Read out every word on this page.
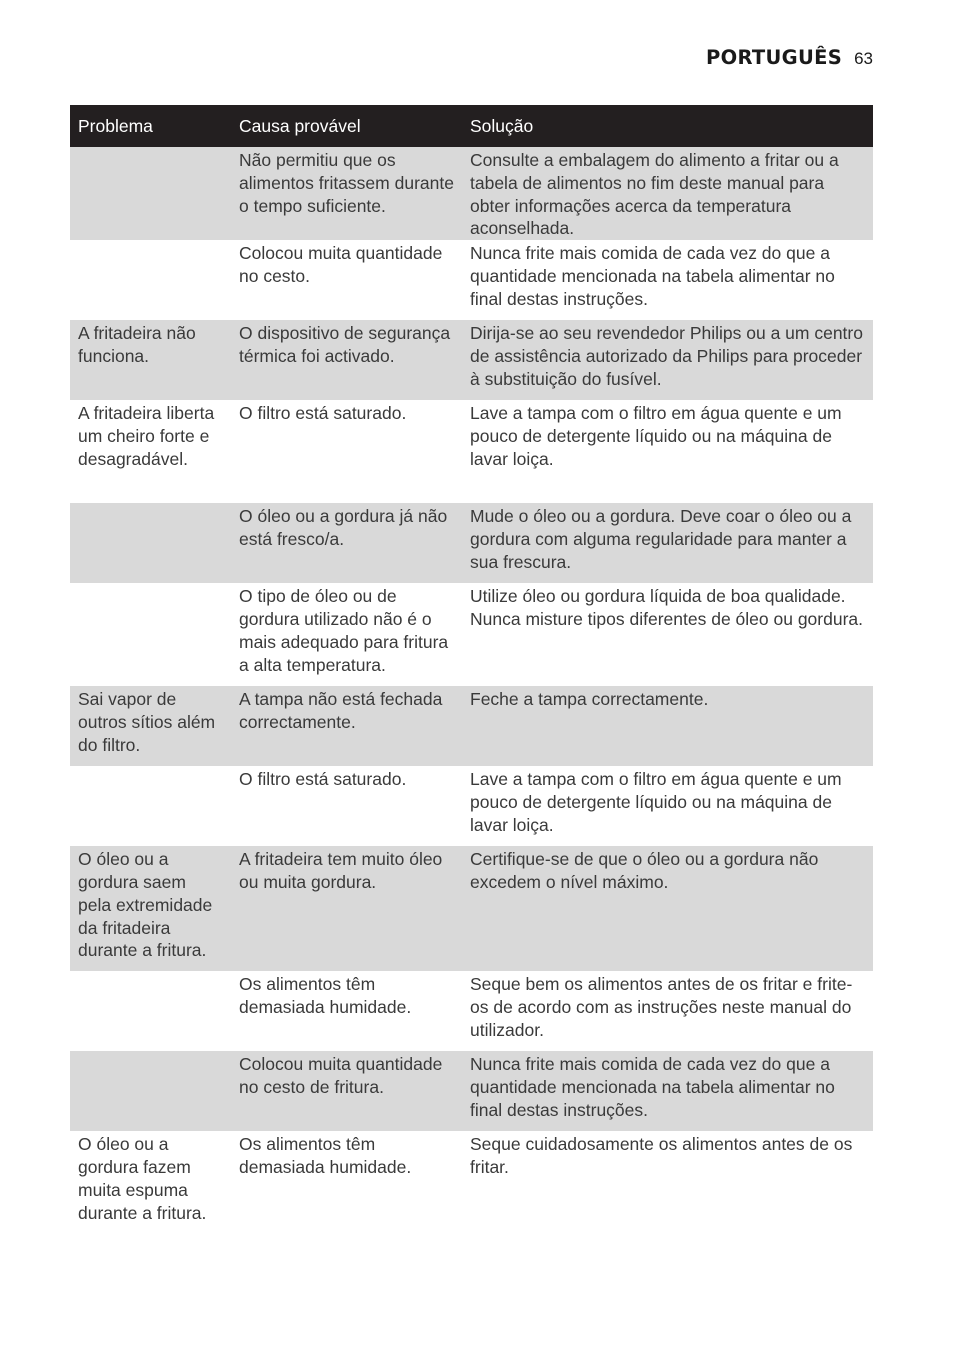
PORTUGUÊS 63
Problema	Causa provável	Solução
	Não permitiu que os alimentos fritassem durante o tempo suficiente.	Consulte a embalagem do alimento a fritar ou a tabela de alimentos no fim deste manual para obter informações acerca da temperatura aconselhada.
	Colocou muita quantidade no cesto.	Nunca frite mais comida de cada vez do que a quantidade mencionada na tabela alimentar no final destas instruções.
A fritadeira não funciona.	O dispositivo de segurança térmica foi activado.	Dirija-se ao seu revendedor Philips ou a um centro de assistência autorizado da Philips para proceder à substituição do fusível.
A fritadeira liberta um cheiro forte e desagradável.	O filtro está saturado.	Lave a tampa com o filtro em água quente e um pouco de detergente líquido ou na máquina de lavar loiça.
	O óleo ou a gordura já não está fresco/a.	Mude o óleo ou a gordura. Deve coar o óleo ou a gordura com alguma regularidade para manter a sua frescura.
	O tipo de óleo ou de gordura utilizado não é o mais adequado para fritura a alta temperatura.	Utilize óleo ou gordura líquida de boa qualidade. Nunca misture tipos diferentes de óleo ou gordura.
Sai vapor de outros sítios além do filtro.	A tampa não está fechada correctamente.	Feche a tampa correctamente.
	O filtro está saturado.	Lave a tampa com o filtro em água quente e um pouco de detergente líquido ou na máquina de lavar loiça.
O óleo ou a gordura saem pela extremidade da fritadeira durante a fritura.	A fritadeira tem muito óleo ou muita gordura.	Certifique-se de que o óleo ou a gordura não excedem o nível máximo.
	Os alimentos têm demasiada humidade.	Seque bem os alimentos antes de os fritar e frite-os de acordo com as instruções neste manual do utilizador.
	Colocou muita quantidade no cesto de fritura.	Nunca frite mais comida de cada vez do que a quantidade mencionada na tabela alimentar no final destas instruções.
O óleo ou a gordura fazem muita espuma durante a fritura.	Os alimentos têm demasiada humidade.	Seque cuidadosamente os alimentos antes de os fritar.
